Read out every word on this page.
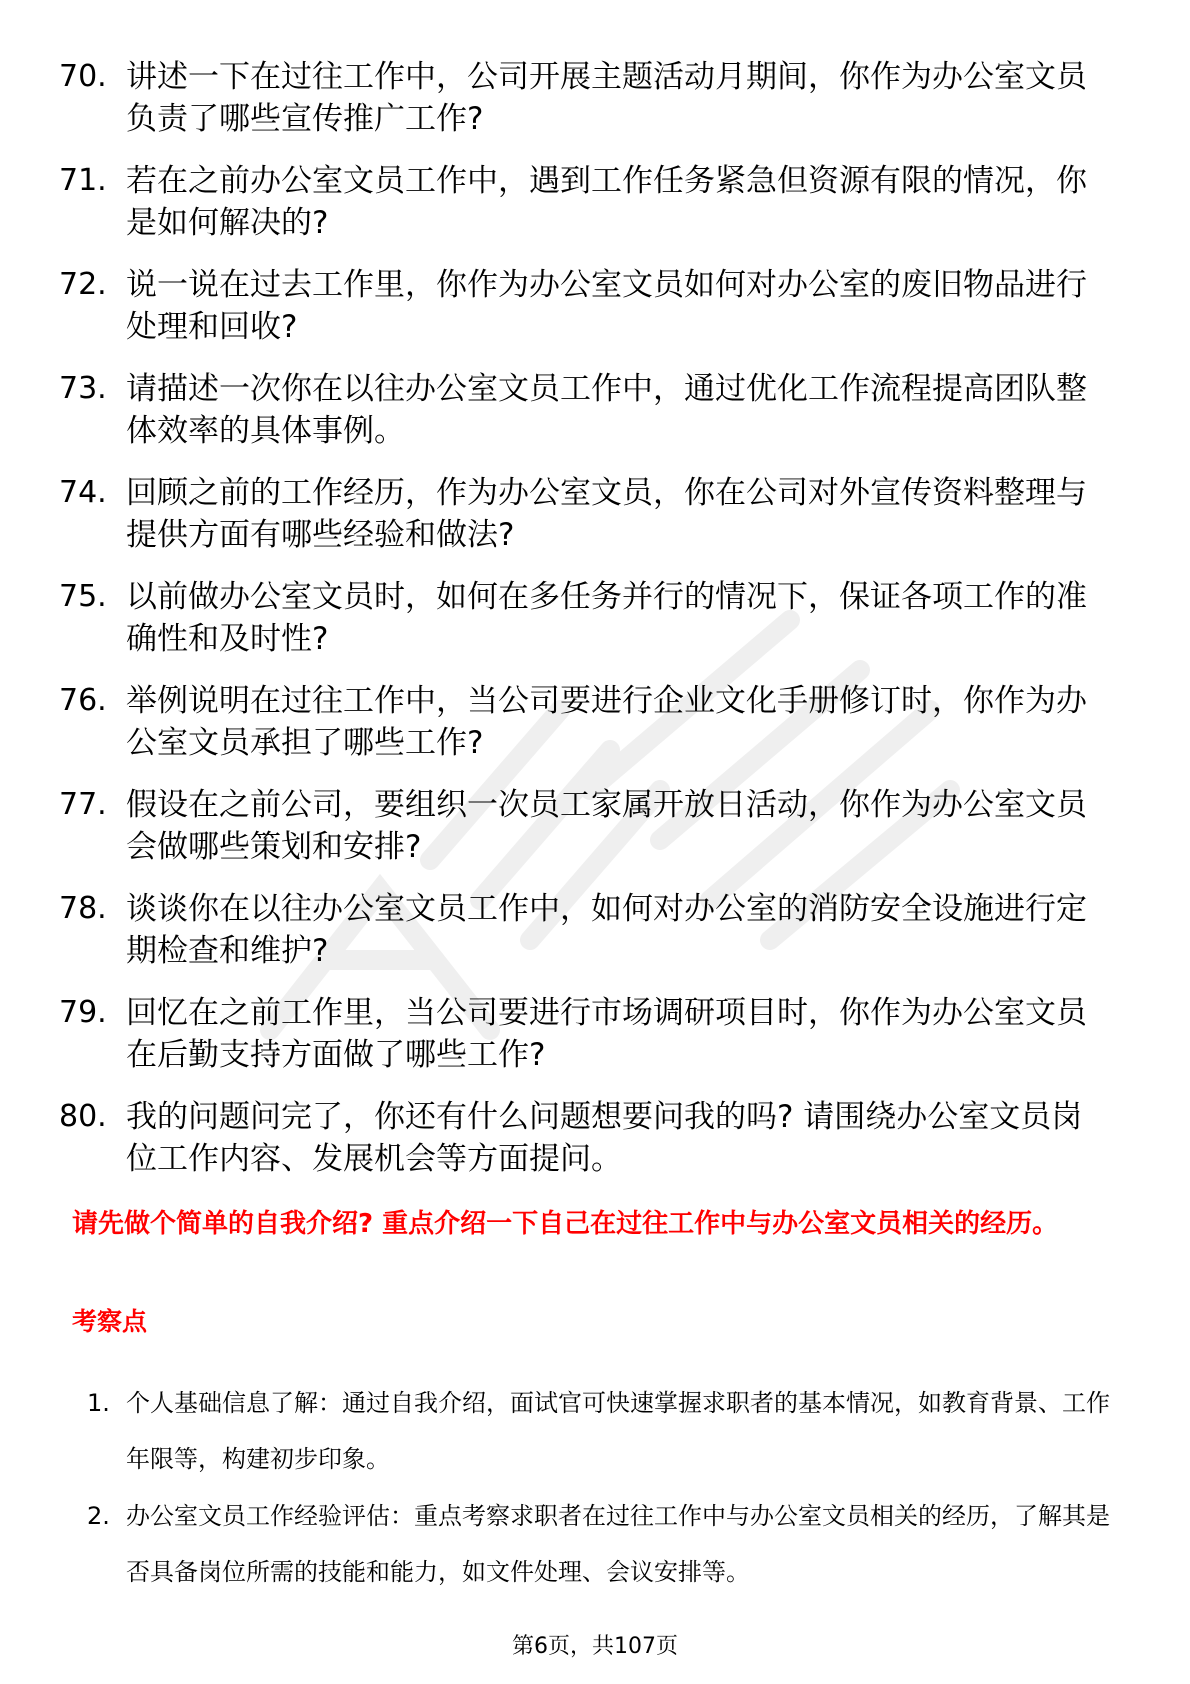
70. 讲述一下在过往工作中，公司开展主题活动月期间，你作为办公室文员负责了哪些宣传推广工作?
71. 若在之前办公室文员工作中，遇到工作任务紧急但资源有限的情况，你是如何解决的?
72. 说一说在过去工作里，你作为办公室文员如何对办公室的废旧物品进行处理和回收?
73. 请描述一次你在以往办公室文员工作中，通过优化工作流程提高团队整体效率的具体事例。
74. 回顾之前的工作经历，作为办公室文员，你在公司对外宣传资料整理与提供方面有哪些经验和做法?
75. 以前做办公室文员时，如何在多任务并行的情况下，保证各项工作的准确性和及时性?
76. 举例说明在过往工作中，当公司要进行企业文化手册修订时，你作为办公室文员承担了哪些工作?
77. 假设在之前公司，要组织一次员工家属开放日活动，你作为办公室文员会做哪些策划和安排?
78. 谈谈你在以往办公室文员工作中，如何对办公室的消防安全设施进行定期检查和维护?
79. 回忆在之前工作里，当公司要进行市场调研项目时，你作为办公室文员在后勤支持方面做了哪些工作?
80. 我的问题问完了，你还有什么问题想要问我的吗? 请围绕办公室文员岗位工作内容、发展机会等方面提问。
请先做个简单的自我介绍? 重点介绍一下自己在过往工作中与办公室文员相关的经历。
考察点
1. 个人基础信息了解：通过自我介绍，面试官可快速掌握求职者的基本情况，如教育背景、工作年限等，构建初步印象。
2. 办公室文员工作经验评估：重点考察求职者在过往工作中与办公室文员相关的经历，了解其是否具备岗位所需的技能和能力，如文件处理、会议安排等。
第6页，共107页
